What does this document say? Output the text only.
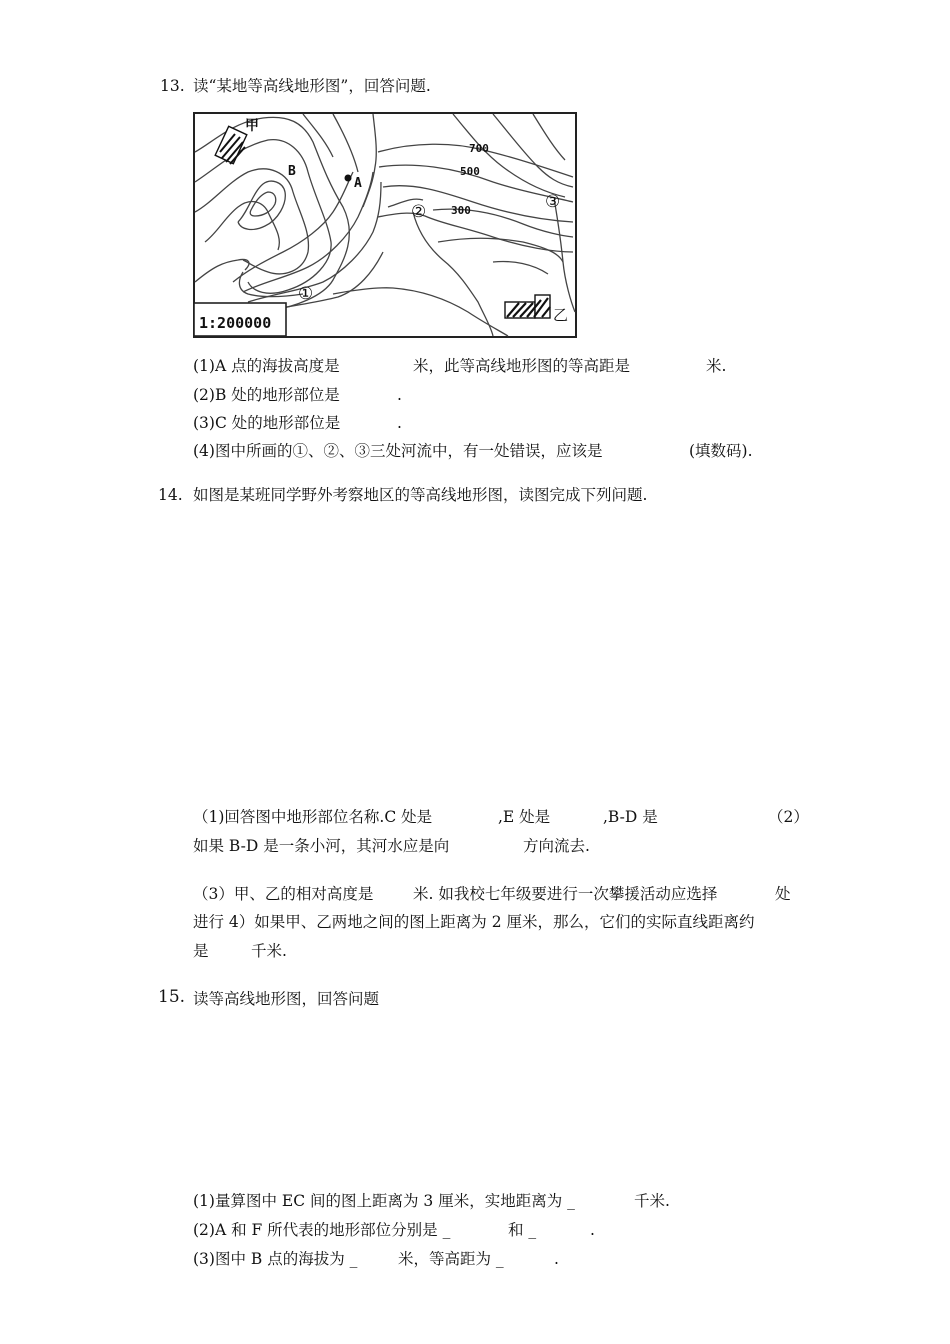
13. 读“某地等高线地形图”，回答问题.
甲
B
A
700
500
300
②	③
①
乙
1:200000
(1)A 点的海拔高度是	米，此等高线地形图的等高距是	米.
(2)B 处的地形部位是	.
(3)C 处的地形部位是	.
(4)图中所画的①、②、③三处河流中，有一处错误，应该是	(填数码).
14. 如图是某班同学野外考察地区的等高线地形图，读图完成下列问题.
（1)回答图中地形部位名称.C 处是	,E 处是	,B-D 是	（2）
如果 B-D 是一条小河，其河水应是向	方向流去.
（3）甲、乙的相对高度是	米. 如我校七年级要进行一次攀援活动应选择	处
进行 4）如果甲、乙两地之间的图上距离为 2 厘米，那么，它们的实际直线距离约
是	千米.
15. 读等高线地形图，回答问题
(1)量算图中 EC 间的图上距离为 3 厘米，实地距离为 _	千米.
(2)A 和 F 所代表的地形部位分别是 _	和 _	.
(3)图中 B 点的海拔为 _	米，等高距为 _	.
